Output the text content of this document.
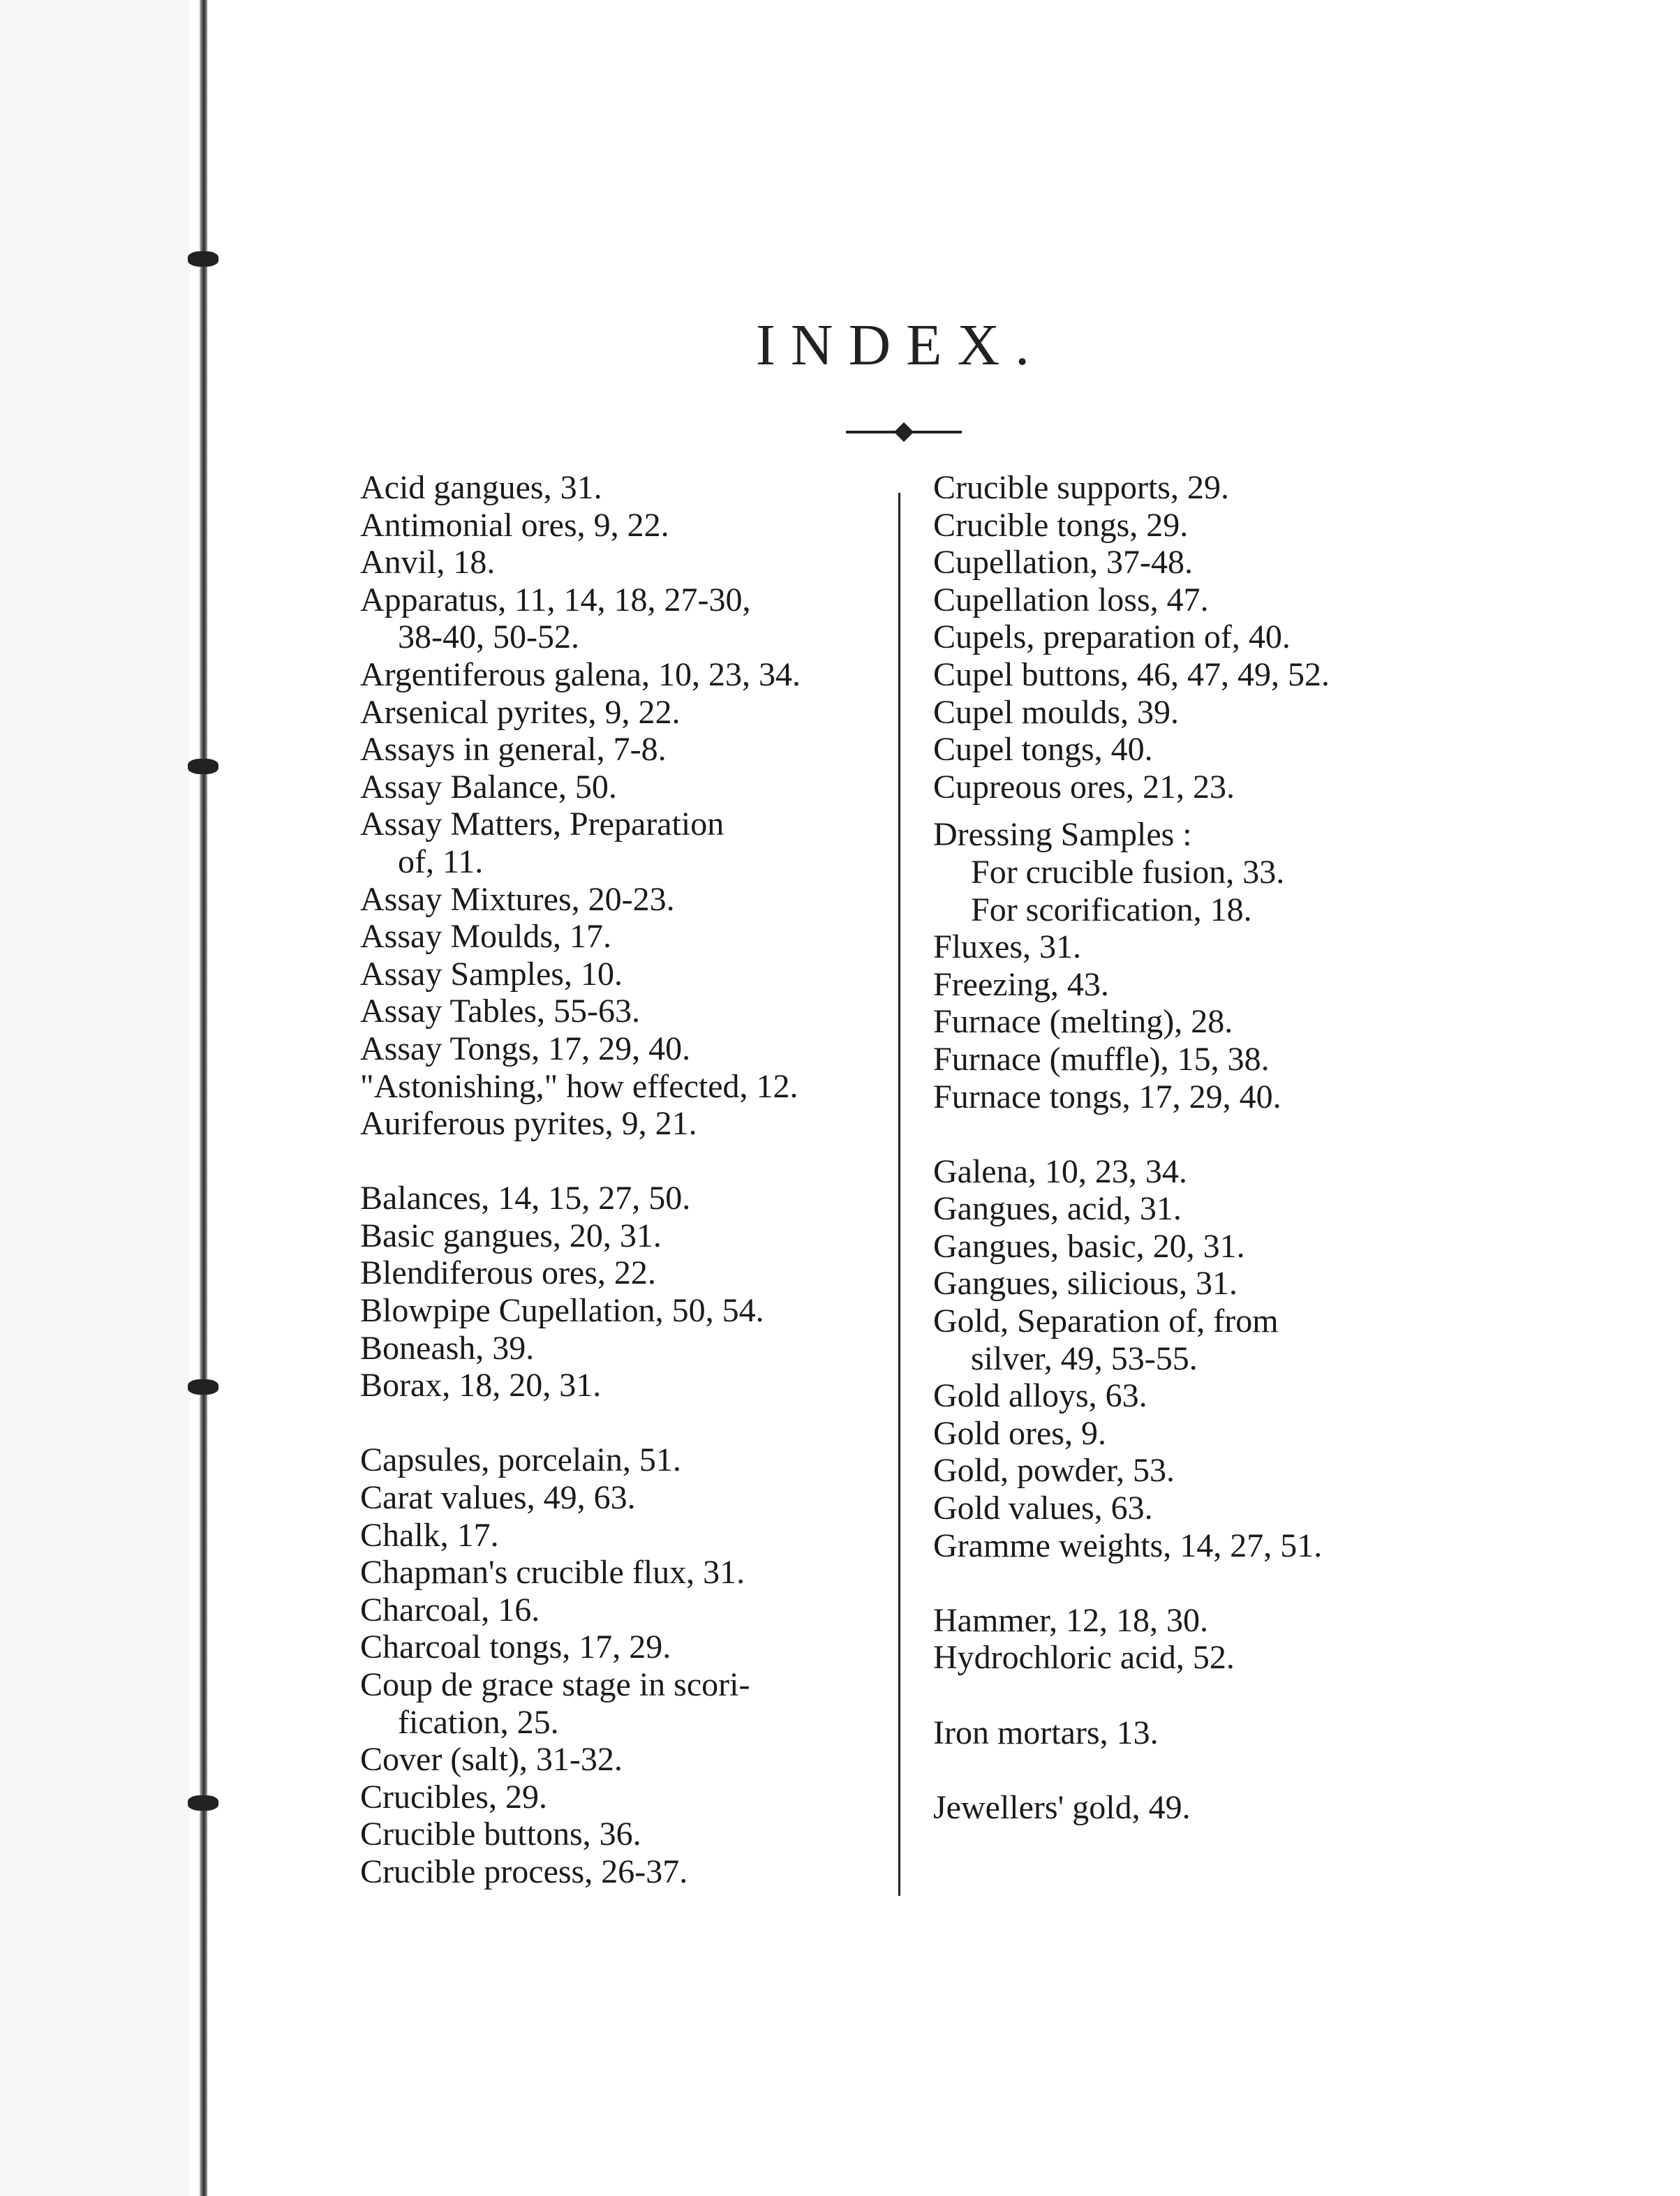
INDEX.
Acid gangues, 31.
Antimonial ores, 9, 22.
Anvil, 18.
Apparatus, 11, 14, 18, 27-30,
38-40, 50-52.
Argentiferous galena, 10, 23, 34.
Arsenical pyrites, 9, 22.
Assays in general, 7-8.
Assay Balance, 50.
Assay Matters, Preparation
of, 11.
Assay Mixtures, 20-23.
Assay Moulds, 17.
Assay Samples, 10.
Assay Tables, 55-63.
Assay Tongs, 17, 29, 40.
"Astonishing," how effected, 12.
Auriferous pyrites, 9, 21.
Balances, 14, 15, 27, 50.
Basic gangues, 20, 31.
Blendiferous ores, 22.
Blowpipe Cupellation, 50, 54.
Boneash, 39.
Borax, 18, 20, 31.
Capsules, porcelain, 51.
Carat values, 49, 63.
Chalk, 17.
Chapman's crucible flux, 31.
Charcoal, 16.
Charcoal tongs, 17, 29.
Coup de grace stage in scori-
fication, 25.
Cover (salt), 31-32.
Crucibles, 29.
Crucible buttons, 36.
Crucible process, 26-37.
Crucible supports, 29.
Crucible tongs, 29.
Cupellation, 37-48.
Cupellation loss, 47.
Cupels, preparation of, 40.
Cupel buttons, 46, 47, 49, 52.
Cupel moulds, 39.
Cupel tongs, 40.
Cupreous ores, 21, 23.
Dressing Samples :
For crucible fusion, 33.
For scorification, 18.
Fluxes, 31.
Freezing, 43.
Furnace (melting), 28.
Furnace (muffle), 15, 38.
Furnace tongs, 17, 29, 40.
Galena, 10, 23, 34.
Gangues, acid, 31.
Gangues, basic, 20, 31.
Gangues, silicious, 31.
Gold, Separation of, from
silver, 49, 53-55.
Gold alloys, 63.
Gold ores, 9.
Gold, powder, 53.
Gold values, 63.
Gramme weights, 14, 27, 51.
Hammer, 12, 18, 30.
Hydrochloric acid, 52.
Iron mortars, 13.
Jewellers' gold, 49.
